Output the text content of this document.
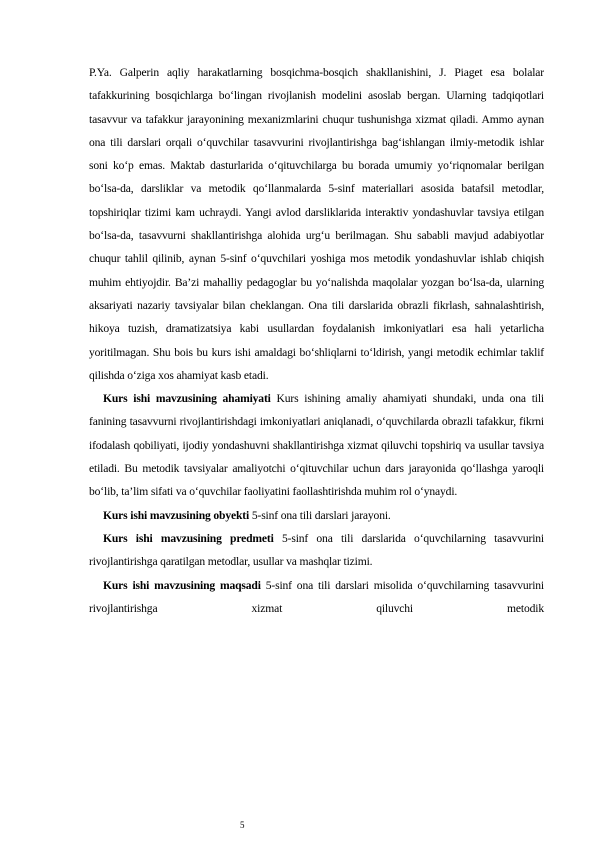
P.Ya. Galperin aqliy harakatlarning bosqichma-bosqich shakllanishini, J. Piaget esa bolalar tafakkurining bosqichlarga bo‘lingan rivojlanish modelini asoslab bergan. Ularning tadqiqotlari tasavvur va tafakkur jarayonining mexanizmlarini chuqur tushunishga xizmat qiladi. Ammo aynan ona tili darslari orqali o‘quvchilar tasavvurini rivojlantirishga bag‘ishlangan ilmiy-metodik ishlar soni ko‘p emas. Maktab dasturlarida o‘qituvchilarga bu borada umumiy yo‘riqnomalar berilgan bo‘lsa-da, darsliklar va metodik qo‘llanmalarda 5-sinf materiallari asosida batafsil metodlar, topshiriqlar tizimi kam uchraydi. Yangi avlod darsliklarida interaktiv yondashuvlar tavsiya etilgan bo‘lsa-da, tasavvurni shakllantirishga alohida urg‘u berilmagan. Shu sababli mavjud adabiyotlar chuqur tahlil qilinib, aynan 5-sinf o‘quvchilari yoshiga mos metodik yondashuvlar ishlab chiqish muhim ehtiyojdir. Ba’zi mahalliy pedagoglar bu yo‘nalishda maqolalar yozgan bo‘lsa-da, ularning aksariyati nazariy tavsiyalar bilan cheklangan. Ona tili darslarida obrazli fikrlash, sahnalashtirish, hikoya tuzish, dramatizatsiya kabi usullardan foydalanish imkoniyatlari esa hali yetarlicha yoritilmagan. Shu bois bu kurs ishi amaldagi bo‘shliqlarni to‘ldirish, yangi metodik echimlar taklif qilishda o‘ziga xos ahamiyat kasb etadi.

Kurs ishi mavzusining ahamiyati Kurs ishining amaliy ahamiyati shundaki, unda ona tili fanining tasavvurni rivojlantirishdagi imkoniyatlari aniqlanadi, o‘quvchilarda obrazli tafakkur, fikrni ifodalash qobiliyati, ijodiy yondashuvni shakllantirishga xizmat qiluvchi topshiriq va usullar tavsiya etiladi. Bu metodik tavsiyalar amaliyotchi o‘qituvchilar uchun dars jarayonida qo‘llashga yaroqli bo‘lib, ta’lim sifati va o‘quvchilar faoliyatini faollashtirishda muhim rol o‘ynaydi.

Kurs ishi mavzusining obyekti 5-sinf ona tili darslari jarayoni.

Kurs ishi mavzusining predmeti 5-sinf ona tili darslarida o‘quvchilarning tasavvurini rivojlantirishga qaratilgan metodlar, usullar va mashqlar tizimi.

Kurs ishi mavzusining maqsadi 5-sinf ona tili darslari misolida o‘quvchilarning tasavvurini rivojlantirishga xizmat qiluvchi metodik

5
